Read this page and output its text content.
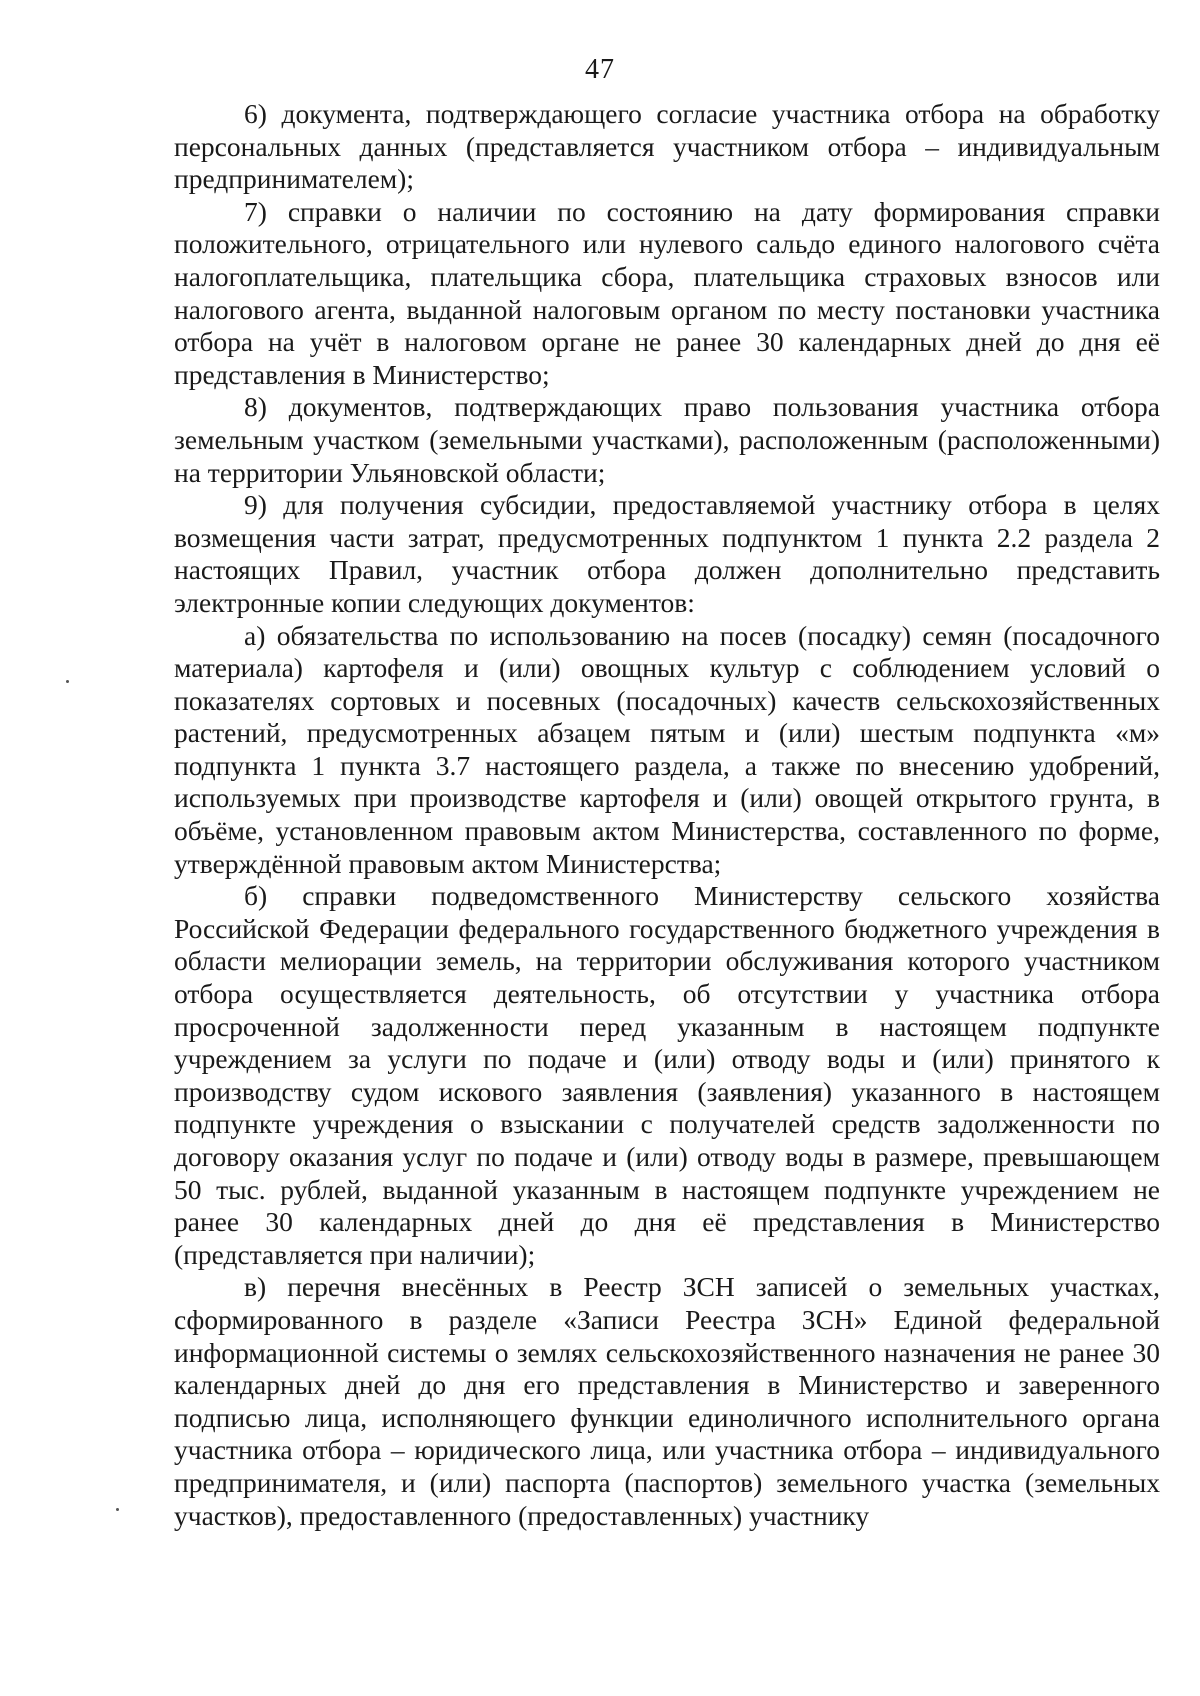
47

6) документа, подтверждающего согласие участника отбора на обработку персональных данных (представляется участником отбора – индивидуальным предпринимателем);

7) справки о наличии по состоянию на дату формирования справки положительного, отрицательного или нулевого сальдо единого налогового счёта налогоплательщика, плательщика сбора, плательщика страховых взносов или налогового агента, выданной налоговым органом по месту постановки участника отбора на учёт в налоговом органе не ранее 30 календарных дней до дня её представления в Министерство;

8) документов, подтверждающих право пользования участника отбора земельным участком (земельными участками), расположенным (расположенными) на территории Ульяновской области;

9) для получения субсидии, предоставляемой участнику отбора в целях возмещения части затрат, предусмотренных подпунктом 1 пункта 2.2 раздела 2 настоящих Правил, участник отбора должен дополнительно представить электронные копии следующих документов:

а) обязательства по использованию на посев (посадку) семян (посадочного материала) картофеля и (или) овощных культур с соблюдением условий о показателях сортовых и посевных (посадочных) качеств сельскохозяйственных растений, предусмотренных абзацем пятым и (или) шестым подпункта «м» подпункта 1 пункта 3.7 настоящего раздела, а также по внесению удобрений, используемых при производстве картофеля и (или) овощей открытого грунта, в объёме, установленном правовым актом Министерства, составленного по форме, утверждённой правовым актом Министерства;

б) справки подведомственного Министерству сельского хозяйства Российской Федерации федерального государственного бюджетного учреждения в области мелиорации земель, на территории обслуживания которого участником отбора осуществляется деятельность, об отсутствии у участника отбора просроченной задолженности перед указанным в настоящем подпункте учреждением за услуги по подаче и (или) отводу воды и (или) принятого к производству судом искового заявления (заявления) указанного в настоящем подпункте учреждения о взыскании с получателей средств задолженности по договору оказания услуг по подаче и (или) отводу воды в размере, превышающем 50 тыс. рублей, выданной указанным в настоящем подпункте учреждением не ранее 30 календарных дней до дня её представления в Министерство (представляется при наличии);

в) перечня внесённых в Реестр ЗСН записей о земельных участках, сформированного в разделе «Записи Реестра ЗСН» Единой федеральной информационной системы о землях сельскохозяйственного назначения не ранее 30 календарных дней до дня его представления в Министерство и заверенного подписью лица, исполняющего функции единоличного исполнительного органа участника отбора – юридического лица, или участника отбора – индивидуального предпринимателя, и (или) паспорта (паспортов) земельного участка (земельных участков), предоставленного (предоставленных) участнику
